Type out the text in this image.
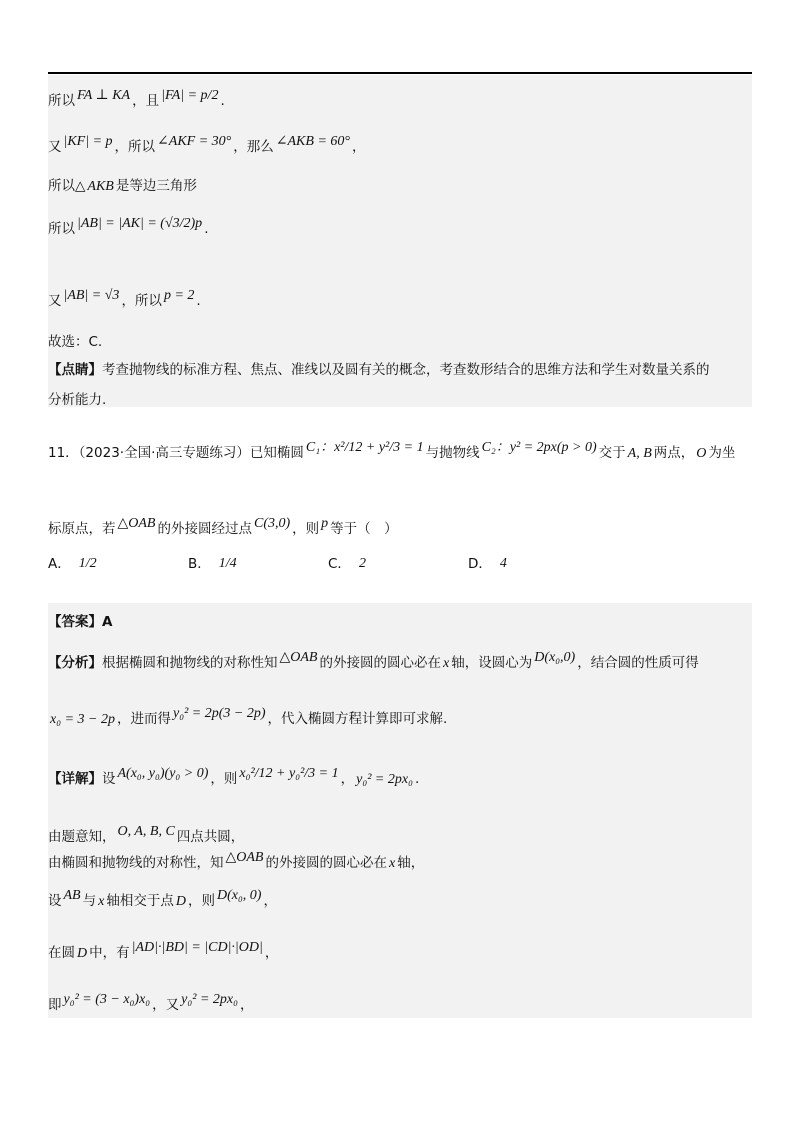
所以 FA ⊥ KA ，且 |FA| = p/2 .
又 |KF| = p ，所以 ∠AKF = 30° ，那么 ∠AKB = 60° ，
所以△ AKB 是等边三角形
所以 |AB| = |AK| = (√3/2)p .
又 |AB| = √3 ，所以 p = 2 .
故选：C.
【点睛】考查抛物线的标准方程、焦点、准线以及圆有关的概念，考查数形结合的思维方法和学生对数量关系的
分析能力.
11．（2023·全国·高三专题练习）已知椭圆 C₁：x²/12 + y²/3 = 1 与抛物线 C₂：y² = 2px(p > 0) 交于 A, B 两点， O 为坐
标原点，若 △OAB 的外接圆经过点 C(3,0) ，则 p 等于（　）
A． 1/2	B． 1/4	C． 2	D． 4
【答案】A
【分析】根据椭圆和抛物线的对称性知 △OAB 的外接圆的圆心必在 x 轴，设圆心为 D(x₀,0) ，结合圆的性质可得
x₀ = 3 − 2p ，进而得 y₀² = 2p(3 − 2p) ，代入椭圆方程计算即可求解.
【详解】设 A(x₀, y₀)(y₀ > 0) ，则 x₀²/12 + y₀²/3 = 1 ， y₀² = 2px₀ .
由题意知， O, A, B, C 四点共圆，
由椭圆和抛物线的对称性，知 △OAB 的外接圆的圆心必在 x 轴，
设 AB 与 x 轴相交于点 D ，则 D(x₀, 0) ，
在圆 D 中，有 |AD|·|BD| = |CD|·|OD| ，
即 y₀² = (3 − x₀)x₀ ，又 y₀² = 2px₀ ，
